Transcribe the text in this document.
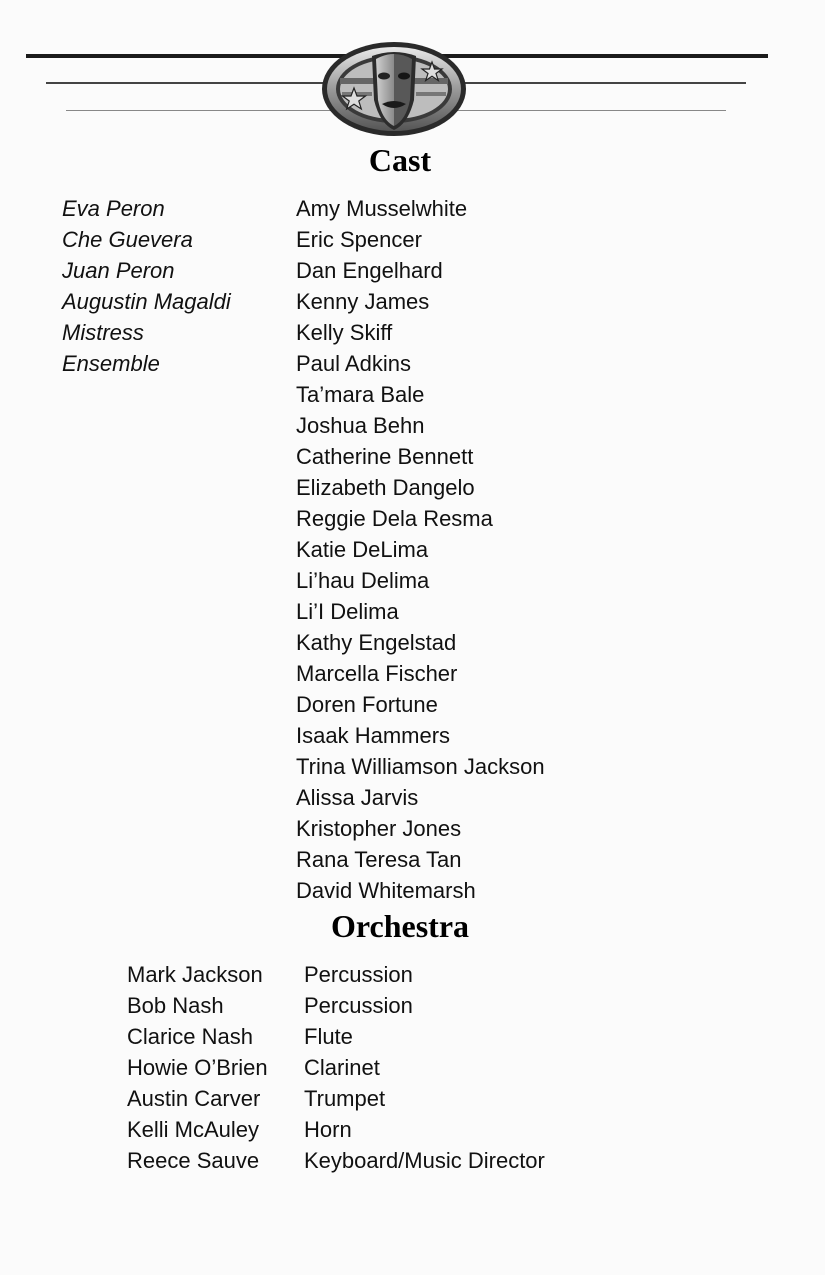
Cast
Eva Peron
Che Guevera
Juan Peron
Augustin Magaldi
Mistress
Ensemble
Amy Musselwhite
Eric Spencer
Dan Engelhard
Kenny James
Kelly Skiff
Paul Adkins
Ta’mara Bale
Joshua Behn
Catherine Bennett
Elizabeth Dangelo
Reggie Dela Resma
Katie DeLima
Li’hau Delima
Li’I Delima
Kathy Engelstad
Marcella Fischer
Doren Fortune
Isaak Hammers
Trina Williamson Jackson
Alissa Jarvis
Kristopher Jones
Rana Teresa Tan
David Whitemarsh
Orchestra
Mark Jackson
Bob Nash
Clarice Nash
Howie O’Brien
Austin Carver
Kelli McAuley
Reece Sauve
Percussion
Percussion
Flute
Clarinet
Trumpet
Horn
Keyboard/Music Director
